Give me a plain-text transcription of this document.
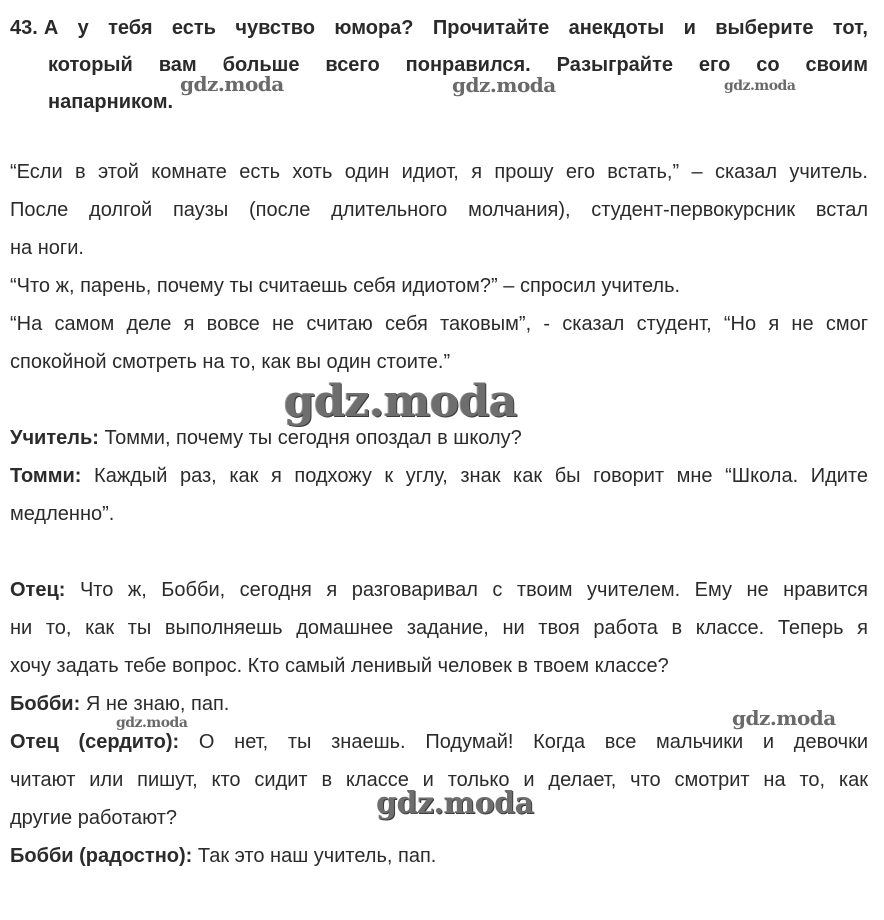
43. А у тебя есть чувство юмора? Прочитайте анекдоты и выберите тот,
который вам больше всего понравился. Разыграйте его со своим
напарником.
“Если в этой комнате есть хоть один идиот, я прошу его встать,” – сказал учитель.
После долгой паузы (после длительного молчания), студент-первокурсник встал
на ноги.
“Что ж, парень, почему ты считаешь себя идиотом?” – спросил учитель.
“На самом деле я вовсе не считаю себя таковым”, - сказал студент, “Но я не смог
спокойной смотреть на то, как вы один стоите.”
Учитель: Томми, почему ты сегодня опоздал в школу?
Томми: Каждый раз, как я подхожу к углу, знак как бы говорит мне “Школа. Идите
медленно”.
Отец: Что ж, Бобби, сегодня я разговаривал с твоим учителем. Ему не нравится
ни то, как ты выполняешь домашнее задание, ни твоя работа в классе. Теперь я
хочу задать тебе вопрос. Кто самый ленивый человек в твоем классе?
Бобби: Я не знаю, пап.
Отец (сердито): О нет, ты знаешь. Подумай! Когда все мальчики и девочки
читают или пишут, кто сидит в классе и только и делает, что смотрит на то, как
другие работают?
Бобби (радостно): Так это наш учитель, пап.
gdz.moda	gdz.moda	gdz.moda
gdz.moda
gdz.moda	gdz.moda
gdz.moda
